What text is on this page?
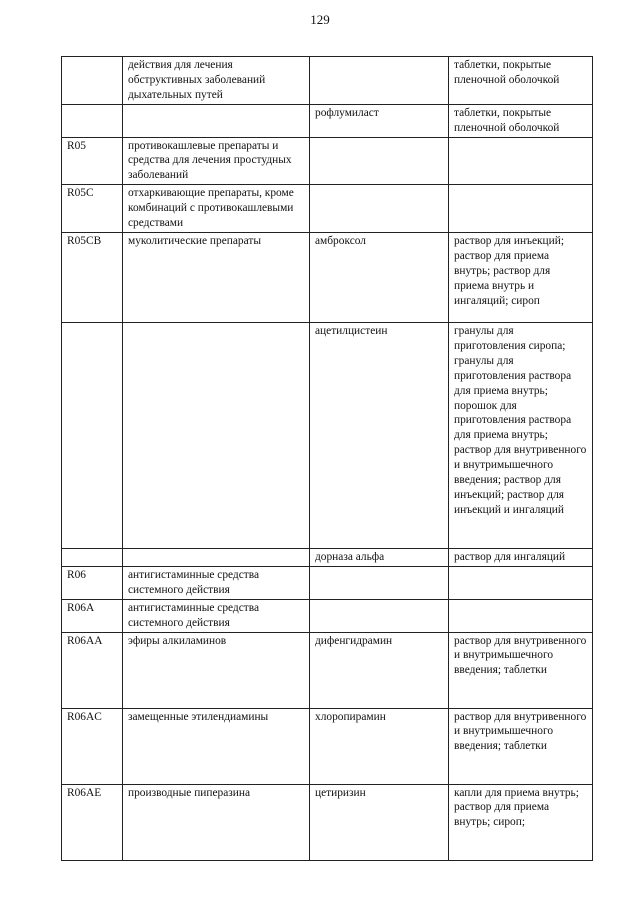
129
	действия для лечения обструктивных заболеваний дыхательных путей		таблетки, покрытые пленочной оболочкой
		рофлумиласт	таблетки, покрытые пленочной оболочкой
R05	противокашлевые препараты и средства для лечения простудных заболеваний		
R05C	отхаркивающие препараты, кроме комбинаций с противокашлевыми средствами		
R05CB	муколитические препараты	амброксол	раствор для инъекций; раствор для приема внутрь; раствор для приема внутрь и ингаляций; сироп
		ацетилцистеин	гранулы для приготовления сиропа; гранулы для приготовления раствора для приема внутрь; порошок для приготовления раствора для приема внутрь; раствор для внутривенного и внутримышечного введения; раствор для инъекций; раствор для инъекций и ингаляций
		дорназа альфа	раствор для ингаляций
R06	антигистаминные средства системного действия		
R06A	антигистаминные средства системного действия		
R06AA	эфиры алкиламинов	дифенгидрамин	раствор для внутривенного и внутримышечного введения; таблетки
R06AC	замещенные этилендиамины	хлоропирамин	раствор для внутривенного и внутримышечного введения; таблетки
R06AE	производные пиперазина	цетиризин	капли для приема внутрь; раствор для приема внутрь; сироп;
